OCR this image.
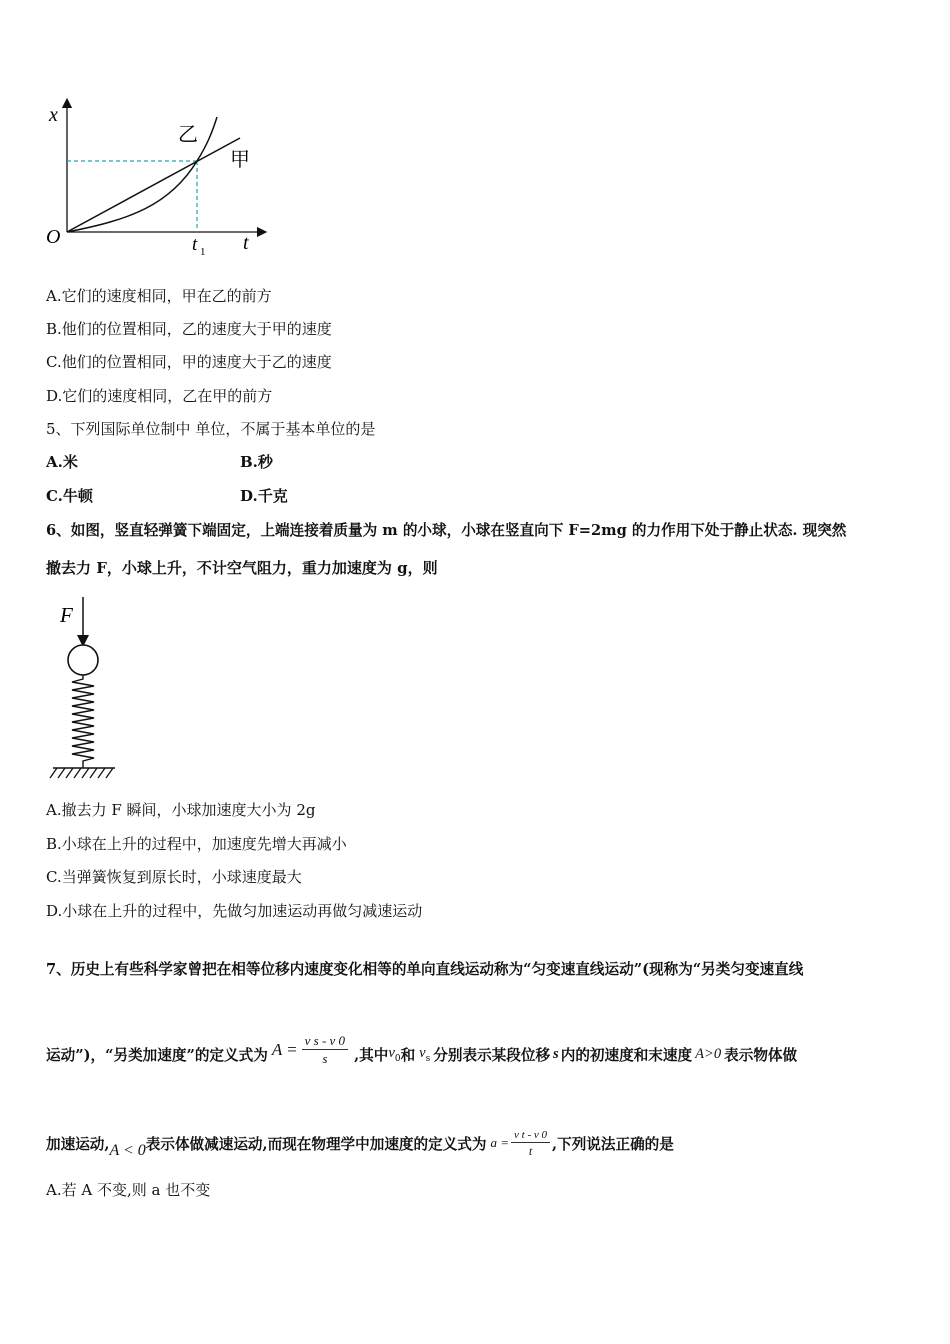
x
t
O	t 1
乙
甲
A.它们的速度相同，甲在乙的前方
B.他们的位置相同，乙的速度大于甲的速度
C.他们的位置相同，甲的速度大于乙的速度
D.它们的速度相同，乙在甲的前方
5、下列国际单位制中 单位，不属于基本单位的是
A.米	B.秒
C.牛顿	D.千克
6、如图，竖直轻弹簧下端固定，上端连接着质量为 m 的小球，小球在竖直向下 F=2mg 的力作用下处于静止状态. 现突然
撤去力 F，小球上升，不计空气阻力，重力加速度为 g，则
F
A.撤去力 F 瞬间，小球加速度大小为 2g
B.小球在上升的过程中，加速度先增大再减小
C.当弹簧恢复到原长时，小球速度最大
D.小球在上升的过程中，先做匀加速运动再做匀减速运动
7、历史上有些科学家曾把在相等位移内速度变化相等的单向直线运动称为“匀变速直线运动”(现称为“另类匀变速直线
运动”)，“另类加速度”的定义式为 $A = \frac{\text{v s - v 0}}{s}$ ,其中 $v_0$ 和 $v_s$ 分别表示某段位移 s 内的初速度和末速度 A>0 表示物体做
加速运动, A < 0 表示体做减速运动,而现在物理学中加速度的定义式为 $a = \frac{\text{v t - v 0}}{t}$ ,下列说法正确的是
A.若 A 不变,则 a 也不变
